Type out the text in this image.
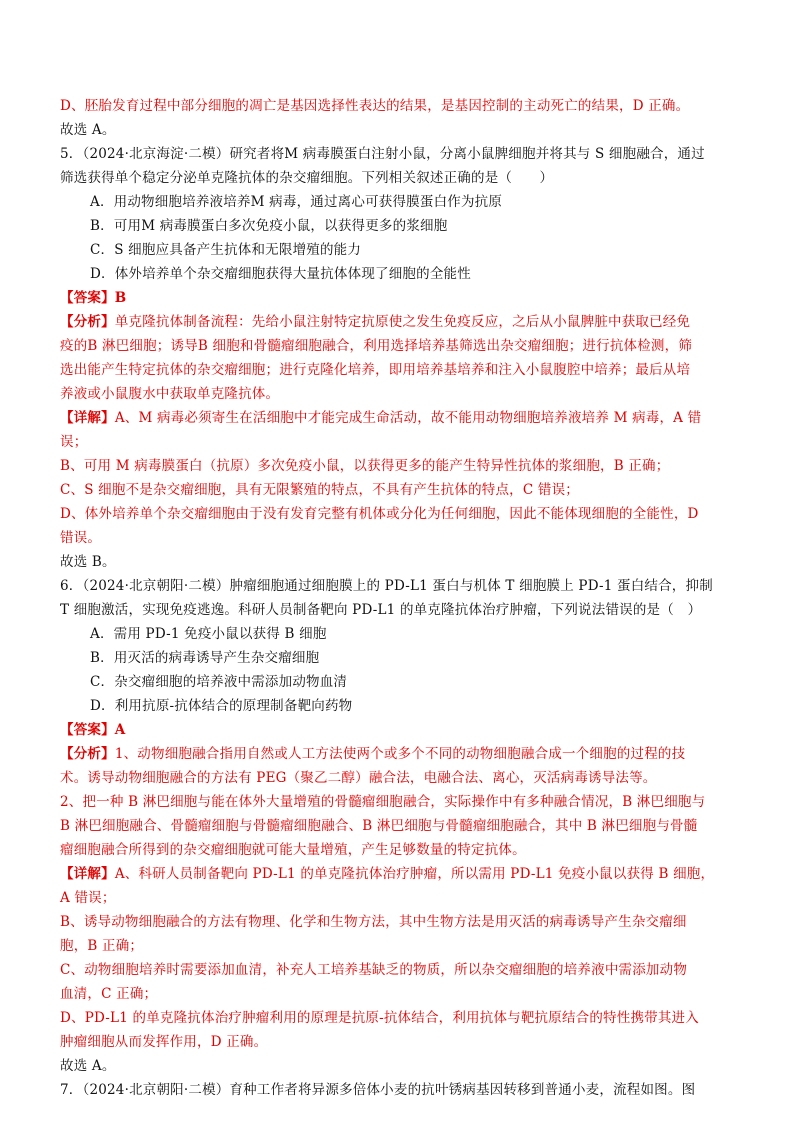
D、胚胎发育过程中部分细胞的凋亡是基因选择性表达的结果，是基因控制的主动死亡的结果，D 正确。
故选 A。
5．（2024·北京海淀·二模）研究者将M 病毒膜蛋白注射小鼠，分离小鼠脾细胞并将其与 S 细胞融合，通过
筛选获得单个稳定分泌单克隆抗体的杂交瘤细胞。下列相关叙述正确的是（　　）
A．用动物细胞培养液培养M 病毒，通过离心可获得膜蛋白作为抗原
B．可用M 病毒膜蛋白多次免疫小鼠，以获得更多的浆细胞
C．S 细胞应具备产生抗体和无限增殖的能力
D．体外培养单个杂交瘤细胞获得大量抗体体现了细胞的全能性
【答案】B
【分析】单克隆抗体制备流程：先给小鼠注射特定抗原使之发生免疫反应，之后从小鼠脾脏中获取已经免
疫的B 淋巴细胞；诱导B 细胞和骨髓瘤细胞融合，利用选择培养基筛选出杂交瘤细胞；进行抗体检测，筛
选出能产生特定抗体的杂交瘤细胞；进行克隆化培养，即用培养基培养和注入小鼠腹腔中培养；最后从培
养液或小鼠腹水中获取单克隆抗体。
【详解】A、M 病毒必须寄生在活细胞中才能完成生命活动，故不能用动物细胞培养液培养 M 病毒，A 错
误；
B、可用 M 病毒膜蛋白（抗原）多次免疫小鼠，以获得更多的能产生特异性抗体的浆细胞，B 正确；
C、S 细胞不是杂交瘤细胞，具有无限繁殖的特点，不具有产生抗体的特点，C 错误；
D、体外培养单个杂交瘤细胞由于没有发育完整有机体或分化为任何细胞，因此不能体现细胞的全能性，D
错误。
故选 B。
6．（2024·北京朝阳·二模）肿瘤细胞通过细胞膜上的 PD-L1 蛋白与机体 T 细胞膜上 PD-1 蛋白结合，抑制
T 细胞激活，实现免疫逃逸。科研人员制备靶向 PD-L1 的单克隆抗体治疗肿瘤，下列说法错误的是（　）
A．需用 PD-1 免疫小鼠以获得 B 细胞
B．用灭活的病毒诱导产生杂交瘤细胞
C．杂交瘤细胞的培养液中需添加动物血清
D．利用抗原-抗体结合的原理制备靶向药物
【答案】A
【分析】1、动物细胞融合指用自然或人工方法使两个或多个不同的动物细胞融合成一个细胞的过程的技
术。诱导动物细胞融合的方法有 PEG（聚乙二醇）融合法，电融合法、离心，灭活病毒诱导法等。
2、把一种 B 淋巴细胞与能在体外大量增殖的骨髓瘤细胞融合，实际操作中有多种融合情况，B 淋巴细胞与
B 淋巴细胞融合、骨髓瘤细胞与骨髓瘤细胞融合、B 淋巴细胞与骨髓瘤细胞融合，其中 B 淋巴细胞与骨髓
瘤细胞融合所得到的杂交瘤细胞就可能大量增殖，产生足够数量的特定抗体。
【详解】A、科研人员制备靶向 PD-L1 的单克隆抗体治疗肿瘤，所以需用 PD-L1 免疫小鼠以获得 B 细胞，
A 错误；
B、诱导动物细胞融合的方法有物理、化学和生物方法，其中生物方法是用灭活的病毒诱导产生杂交瘤细
胞，B 正确；
C、动物细胞培养时需要添加血清，补充人工培养基缺乏的物质，所以杂交瘤细胞的培养液中需添加动物
血清，C 正确；
D、PD-L1 的单克隆抗体治疗肿瘤利用的原理是抗原-抗体结合，利用抗体与靶抗原结合的特性携带其进入
肿瘤细胞从而发挥作用，D 正确。
故选 A。
7．（2024·北京朝阳·二模）育种工作者将异源多倍体小麦的抗叶锈病基因转移到普通小麦，流程如图。图
